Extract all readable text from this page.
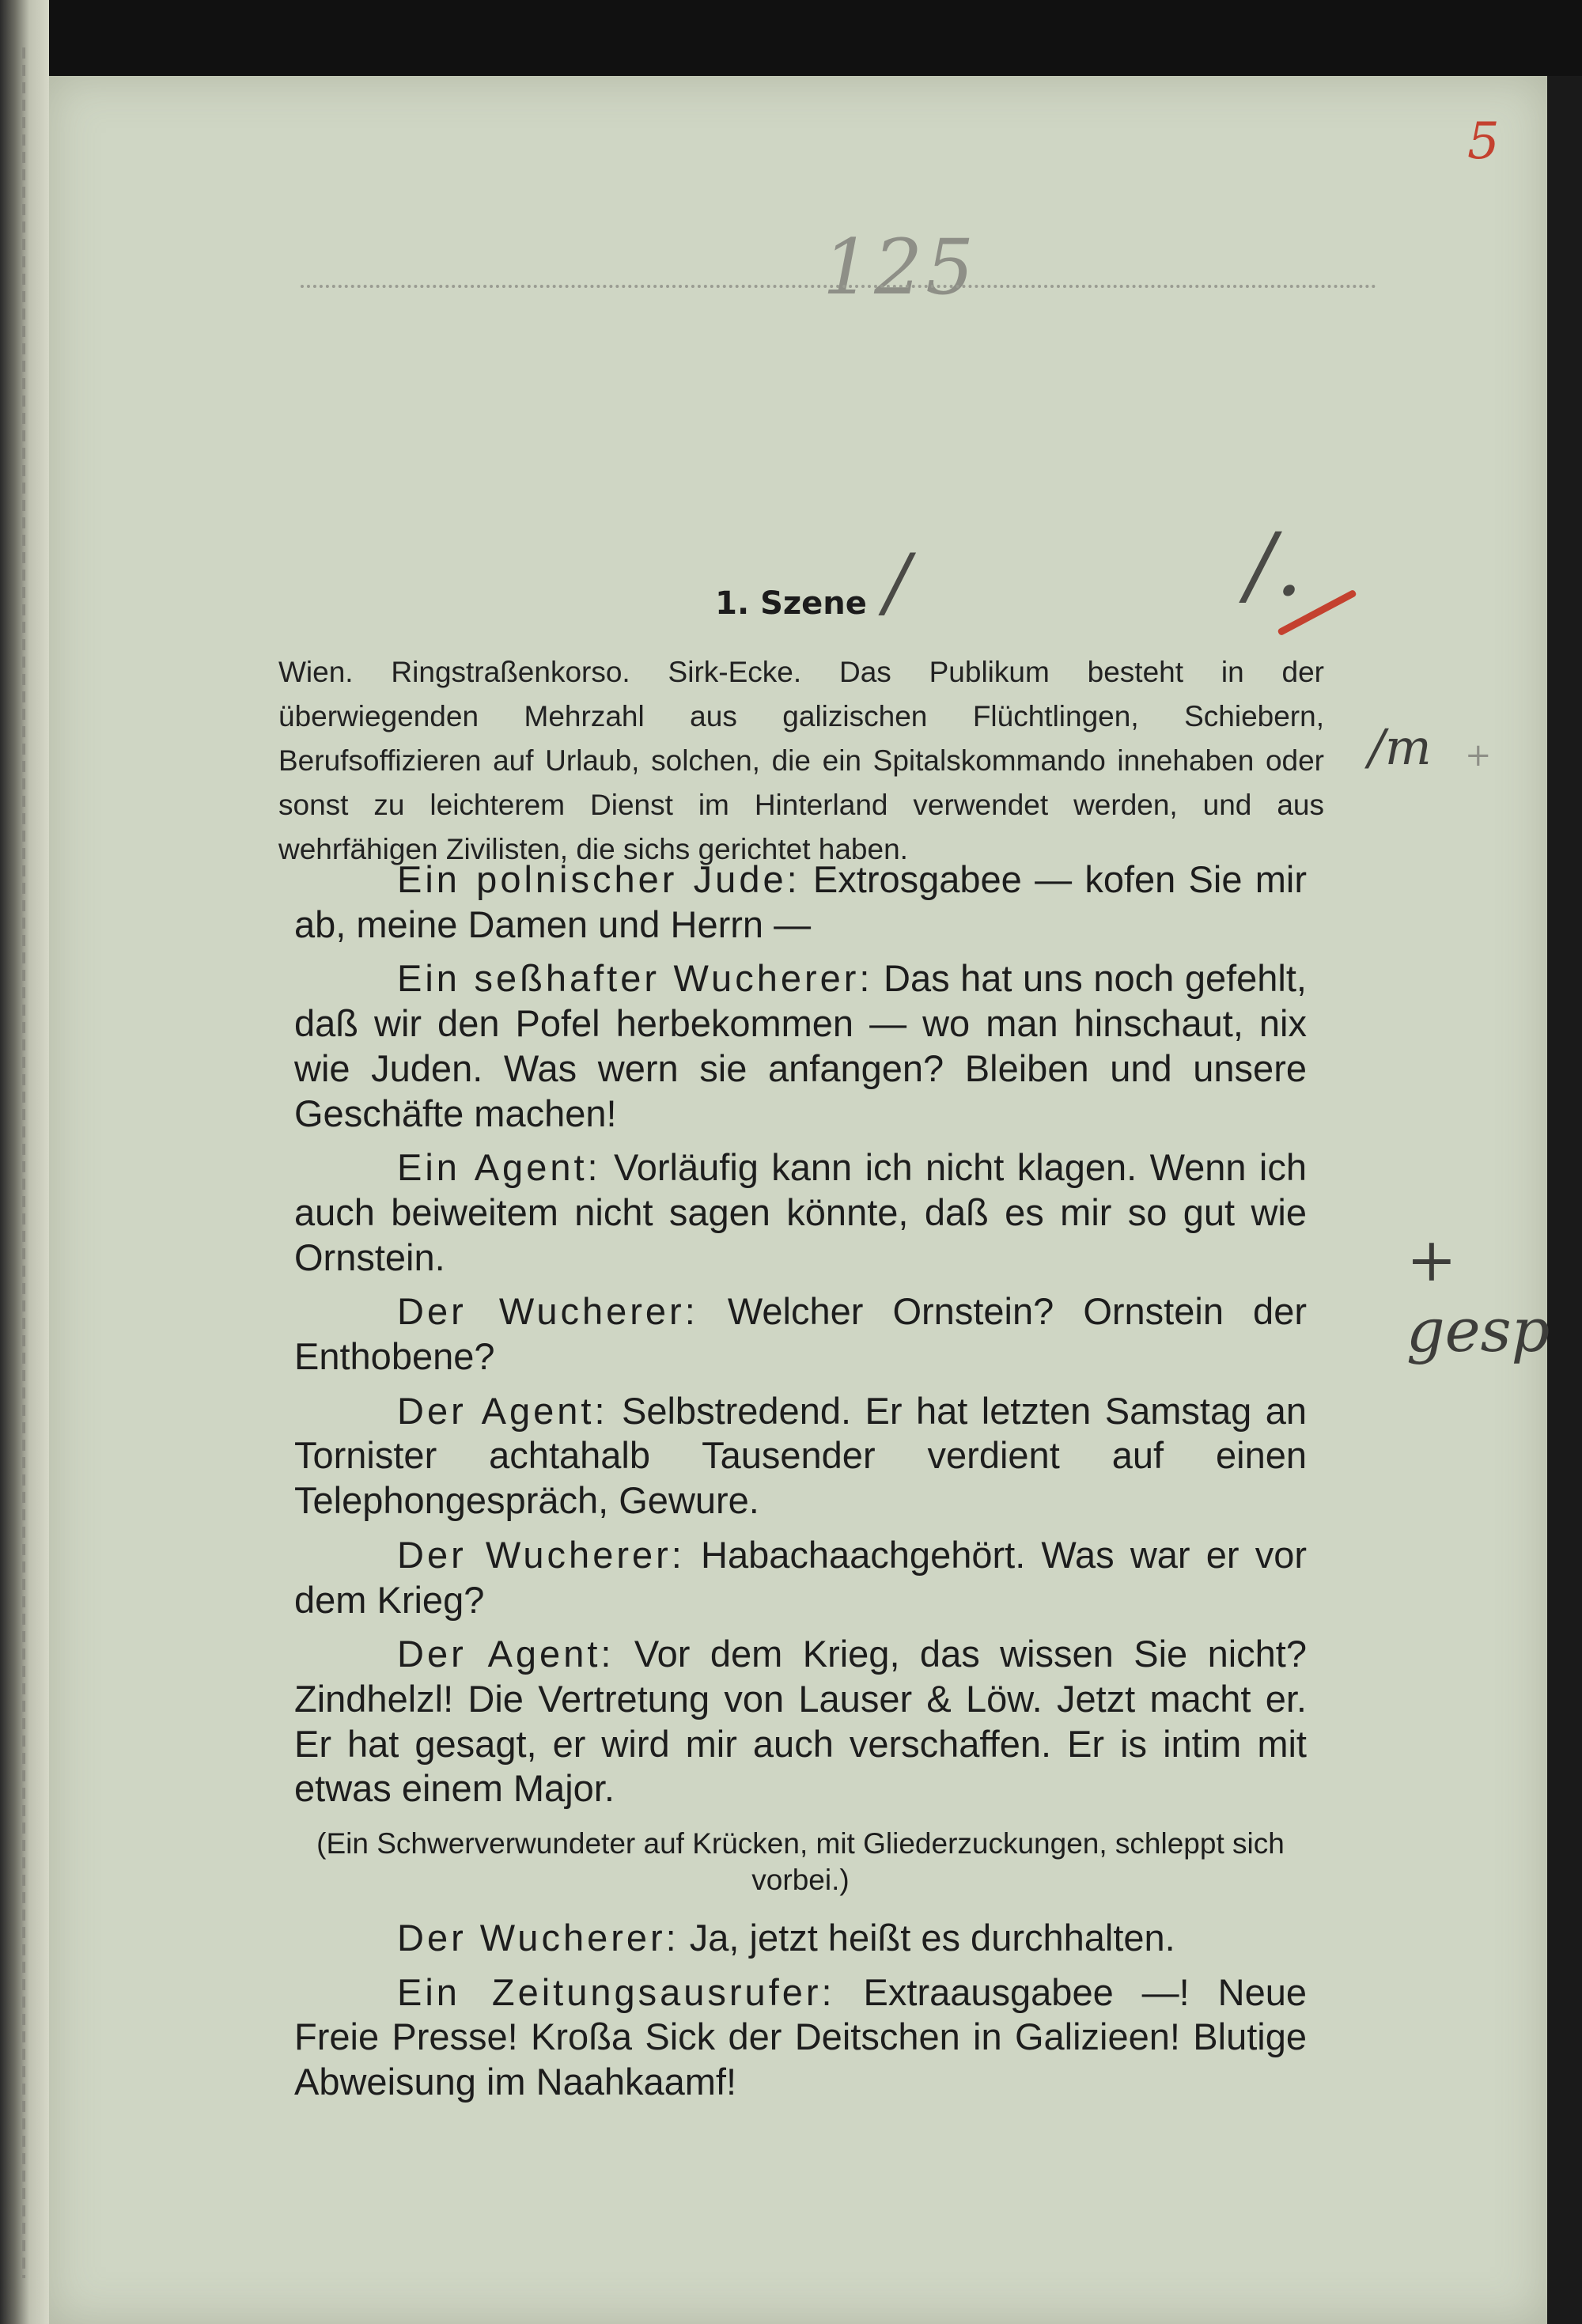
5
125
/	/.
/m +
+ gesp
1. Szene
Wien. Ringstraßenkorso. Sirk-Ecke. Das Publikum besteht in der überwiegenden Mehrzahl aus galizischen Flüchtlingen, Schiebern, Berufsoffizieren auf Urlaub, solchen, die ein Spitalskommando innehaben oder sonst zu leichterem Dienst im Hinterland verwendet werden, und aus wehrfähigen Zivilisten, die sichs gerichtet haben.

Ein polnischer Jude: Extrosgabee — kofen Sie mir ab, meine Damen und Herrn —

Ein seßhafter Wucherer: Das hat uns noch gefehlt, daß wir den Pofel herbekommen — wo man hinschaut, nix wie Juden. Was wern sie anfangen? Bleiben und unsere Geschäfte machen!

Ein Agent: Vorläufig kann ich nicht klagen. Wenn ich auch beiweitem nicht sagen könnte, daß es mir so gut wie Ornstein.

Der Wucherer: Welcher Ornstein? Ornstein der Enthobene?

Der Agent: Selbstredend. Er hat letzten Samstag an Tornister achtahalb Tausender verdient auf einen Telephongespräch, Gewure.

Der Wucherer: Habachaachgehört. Was war er vor dem Krieg?

Der Agent: Vor dem Krieg, das wissen Sie nicht? Zindhelzl! Die Vertretung von Lauser & Löw. Jetzt macht er. Er hat gesagt, er wird mir auch verschaffen. Er is intim mit etwas einem Major.

(Ein Schwerverwundeter auf Krücken, mit Gliederzuckungen, schleppt sich vorbei.)

Der Wucherer: Ja, jetzt heißt es durchhalten.

Ein Zeitungsausrufer: Extraausgabee —! Neue Freie Presse! Kroßa Sick der Deitschen in Galizieen! Blutige Abweisung im Naahkaamf!
